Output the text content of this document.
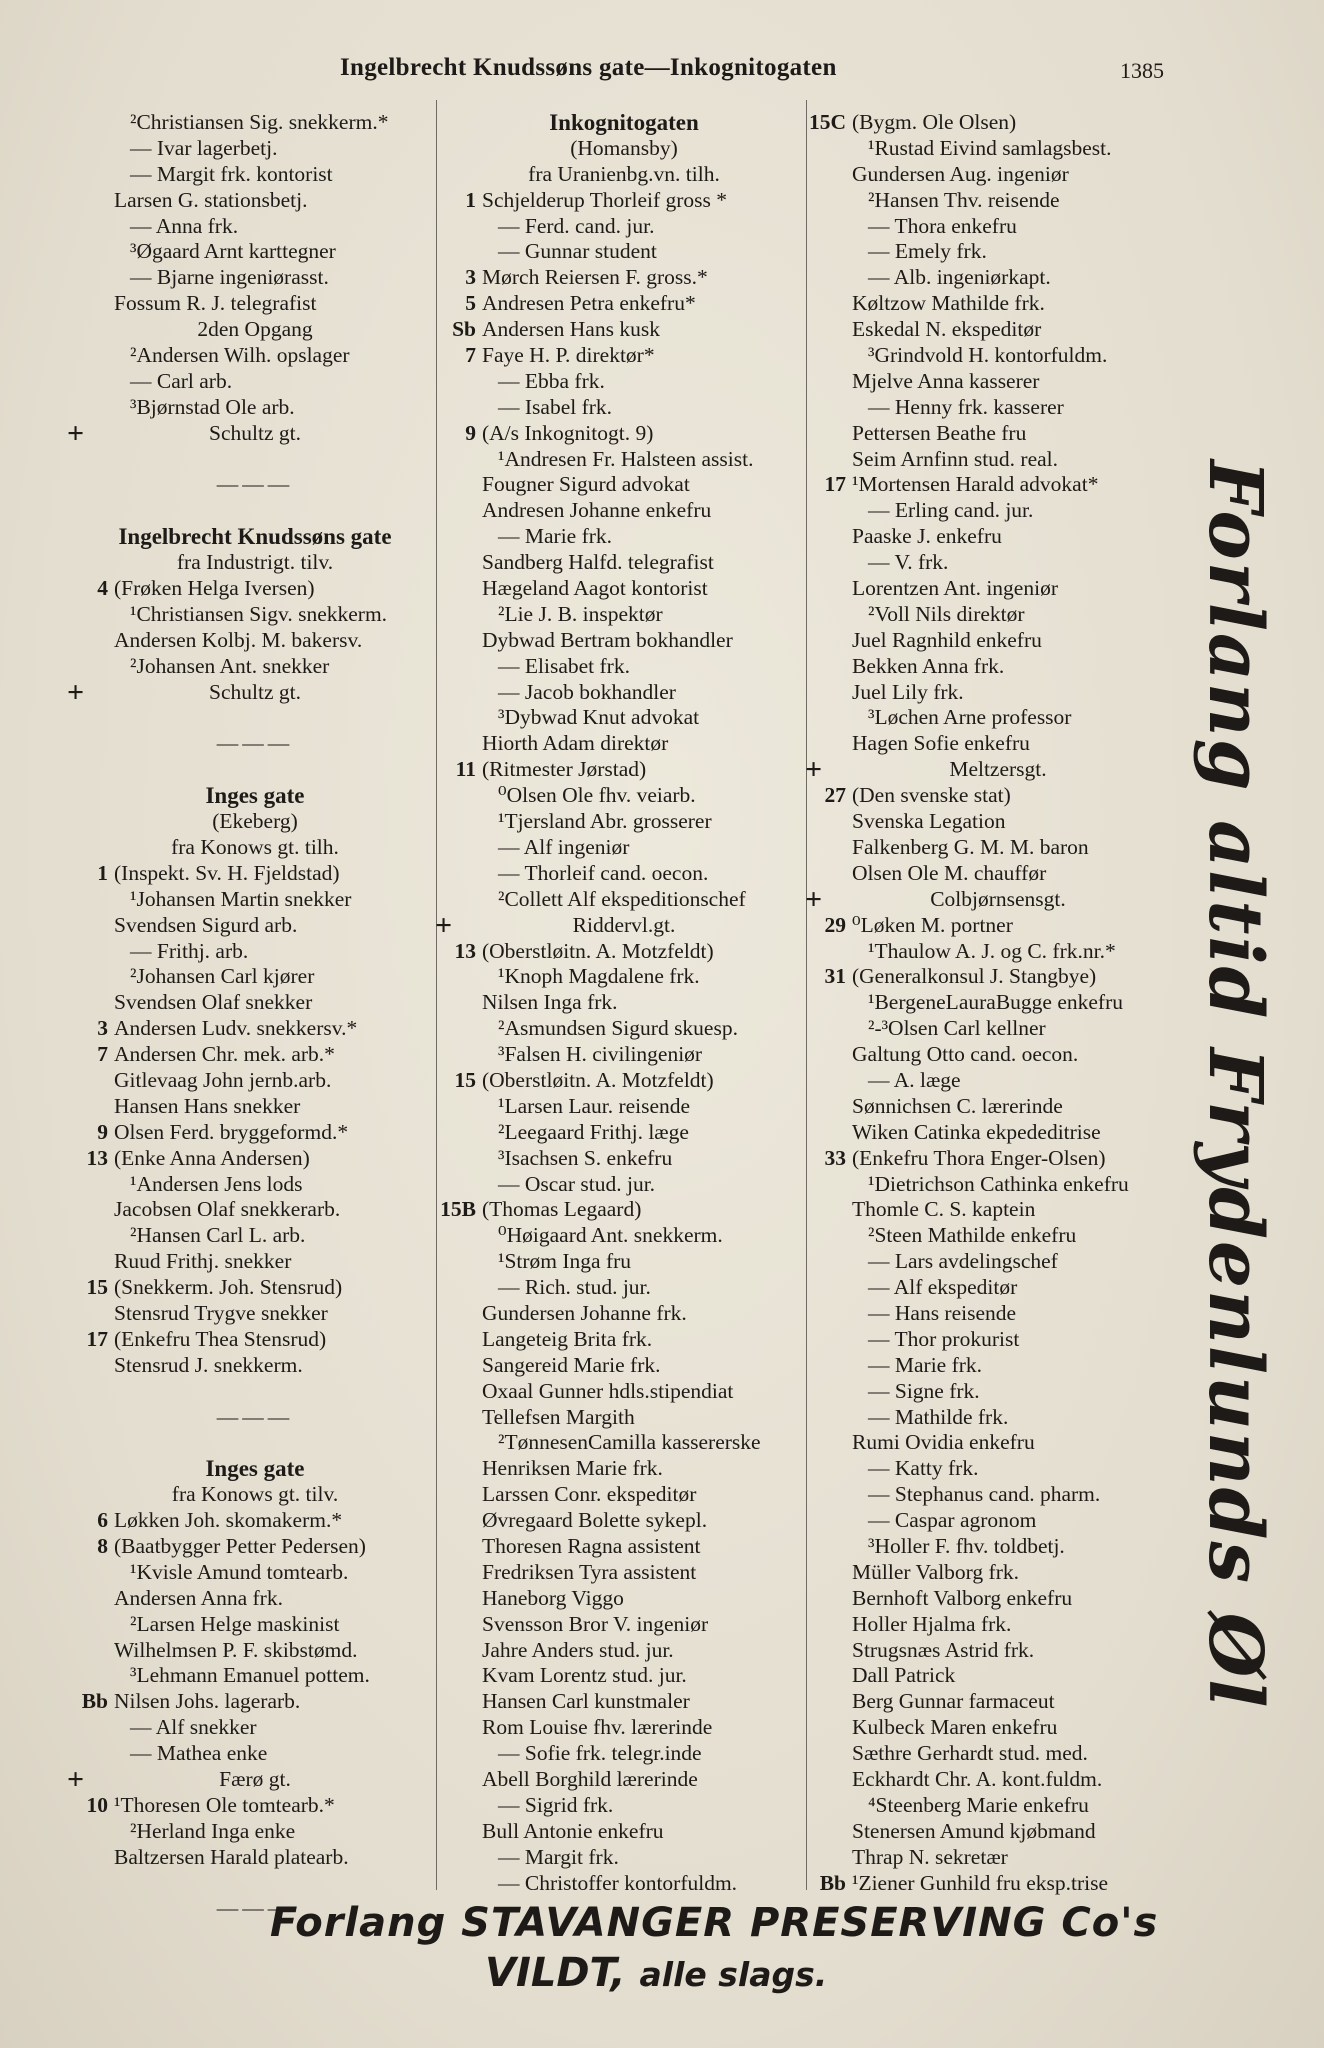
Ingelbrecht Knudssøns gate—Inkognitogaten	1385
²Christiansen Sig. snekkerm.*
— Ivar lagerbetj.
— Margit frk. kontorist
Larsen G. stationsbetj.
— Anna frk.
³Øgaard Arnt karttegner
— Bjarne ingeniørasst.
Fossum R. J. telegrafist
2den Opgang
²Andersen Wilh. opslager
— Carl arb.
³Bjørnstad Ole arb.
+	Schultz gt.
———
Ingelbrecht Knudssøns gate
fra Industrigt. tilv.
4 (Frøken Helga Iversen)
¹Christiansen Sigv. snekkerm.
Andersen Kolbj. M. bakersv.
²Johansen Ant. snekker
+	Schultz gt.
———
Inges gate
(Ekeberg)
fra Konows gt. tilh.
1 (Inspekt. Sv. H. Fjeldstad)
¹Johansen Martin snekker
Svendsen Sigurd arb.
— Frithj. arb.
²Johansen Carl kjører
Svendsen Olaf snekker
3 Andersen Ludv. snekkersv.*
7 Andersen Chr. mek. arb.*
Gitlevaag John jernb.arb.
Hansen Hans snekker
9 Olsen Ferd. bryggeformd.*
13 (Enke Anna Andersen)
¹Andersen Jens lods
Jacobsen Olaf snekkerarb.
²Hansen Carl L. arb.
Ruud Frithj. snekker
15 (Snekkerm. Joh. Stensrud)
Stensrud Trygve snekker
17 (Enkefru Thea Stensrud)
Stensrud J. snekkerm.
———
Inges gate
fra Konows gt. tilv.
6 Løkken Joh. skomakerm.*
8 (Baatbygger Petter Pedersen)
¹Kvisle Amund tomtearb.
Andersen Anna frk.
²Larsen Helge maskinist
Wilhelmsen P. F. skibstømd.
³Lehmann Emanuel pottem.
Bb Nilsen Johs. lagerarb.
— Alf snekker
— Mathea enke
+	Færø gt.
10 ¹Thoresen Ole tomtearb.*
²Herland Inga enke
Baltzersen Harald platearb.
———
Inkognitogaten
(Homansby)
fra Uranienbg.vn. tilh.
1 Schjelderup Thorleif gross *
— Ferd. cand. jur.
— Gunnar student
3 Mørch Reiersen F. gross.*
5 Andresen Petra enkefru*
Sb Andersen Hans kusk
7 Faye H. P. direktør*
— Ebba frk.
— Isabel frk.
9 (A/s Inkognitogt. 9)
¹Andresen Fr. Halsteen assist.
Fougner Sigurd advokat
Andresen Johanne enkefru
— Marie frk.
Sandberg Halfd. telegrafist
Hægeland Aagot kontorist
²Lie J. B. inspektør
Dybwad Bertram bokhandler
— Elisabet frk.
— Jacob bokhandler
³Dybwad Knut advokat
Hiorth Adam direktør
11 (Ritmester Jørstad)
⁰Olsen Ole fhv. veiarb.
¹Tjersland Abr. grosserer
— Alf ingeniør
— Thorleif cand. oecon.
²Collett Alf ekspeditionschef
+	Riddervl.gt.
13 (Oberstløitn. A. Motzfeldt)
¹Knoph Magdalene frk.
Nilsen Inga frk.
²Asmundsen Sigurd skuesp.
³Falsen H. civilingeniør
15 (Oberstløitn. A. Motzfeldt)
¹Larsen Laur. reisende
²Leegaard Frithj. læge
³Isachsen S. enkefru
— Oscar stud. jur.
15B (Thomas Legaard)
⁰Høigaard Ant. snekkerm.
¹Strøm Inga fru
— Rich. stud. jur.
Gundersen Johanne frk.
Langeteig Brita frk.
Sangereid Marie frk.
Oxaal Gunner hdls.stipendiat
Tellefsen Margith
²TønnesenCamilla kassererske
Henriksen Marie frk.
Larssen Conr. ekspeditør
Øvregaard Bolette sykepl.
Thoresen Ragna assistent
Fredriksen Tyra assistent
Haneborg Viggo
Svensson Bror V. ingeniør
Jahre Anders stud. jur.
Kvam Lorentz stud. jur.
Hansen Carl kunstmaler
Rom Louise fhv. lærerinde
— Sofie frk. telegr.inde
Abell Borghild lærerinde
— Sigrid frk.
Bull Antonie enkefru
— Margit frk.
— Christoffer kontorfuldm.
15C (Bygm. Ole Olsen)
¹Rustad Eivind samlagsbest.
Gundersen Aug. ingeniør
²Hansen Thv. reisende
— Thora enkefru
— Emely frk.
— Alb. ingeniørkapt.
Køltzow Mathilde frk.
Eskedal N. ekspeditør
³Grindvold H. kontorfuldm.
Mjelve Anna kasserer
— Henny frk. kasserer
Pettersen Beathe fru
Seim Arnfinn stud. real.
17 ¹Mortensen Harald advokat*
— Erling cand. jur.
Paaske J. enkefru
— V. frk.
Lorentzen Ant. ingeniør
²Voll Nils direktør
Juel Ragnhild enkefru
Bekken Anna frk.
Juel Lily frk.
³Løchen Arne professor
Hagen Sofie enkefru
+	Meltzersgt.
27 (Den svenske stat)
Svenska Legation
Falkenberg G. M. M. baron
Olsen Ole M. chauffør
+	Colbjørnsensgt.
29 ⁰Løken M. portner
¹Thaulow A. J. og C. frk.nr.*
31 (Generalkonsul J. Stangbye)
¹BergeneLauraBugge enkefru
²-³Olsen Carl kellner
Galtung Otto cand. oecon.
— A. læge
Sønnichsen C. lærerinde
Wiken Catinka ekpededitrise
33 (Enkefru Thora Enger-Olsen)
¹Dietrichson Cathinka enkefru
Thomle C. S. kaptein
²Steen Mathilde enkefru
— Lars avdelingschef
— Alf ekspeditør
— Hans reisende
— Thor prokurist
— Marie frk.
— Signe frk.
— Mathilde frk.
Rumi Ovidia enkefru
— Katty frk.
— Stephanus cand. pharm.
— Caspar agronom
³Holler F. fhv. toldbetj.
Müller Valborg frk.
Bernhoft Valborg enkefru
Holler Hjalma frk.
Strugsnæs Astrid frk.
Dall Patrick
Berg Gunnar farmaceut
Kulbeck Maren enkefru
Sæthre Gerhardt stud. med.
Eckhardt Chr. A. kont.fuldm.
⁴Steenberg Marie enkefru
Stenersen Amund kjøbmand
Thrap N. sekretær
Bb ¹Ziener Gunhild fru eksp.trise
Forlang altid Frydenlunds Øl
Forlang STAVANGER PRESERVING Co's
VILDT, alle slags.
